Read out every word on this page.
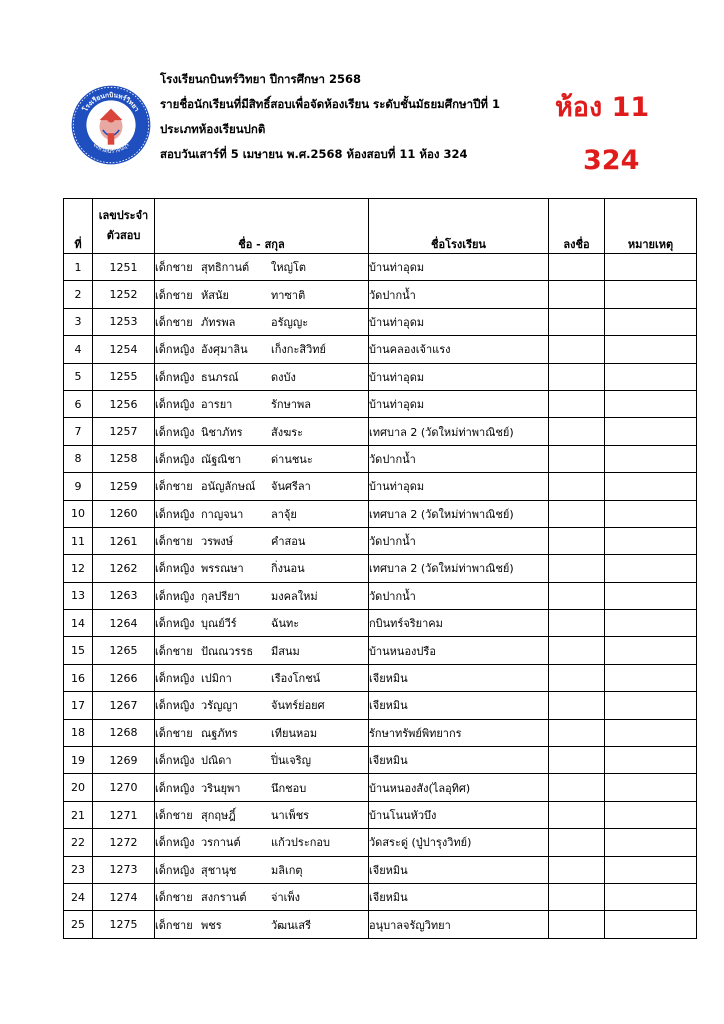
โรงเรียนกบินทร์วิทยา
จังหวัดปราจีนบุรี
โรงเรียนกบินทร์วิทยา ปีการศึกษา 2568
รายชื่อนักเรียนที่มีสิทธิ์สอบเพื่อจัดห้องเรียน ระดับชั้นมัธยมศึกษาปีที่ 1
ประเภทห้องเรียนปกติ
สอบวันเสาร์ที่ 5 เมษายน พ.ศ.2568 ห้องสอบที่ 11 ห้อง 324
ห้อง 11
324
ที่	เลขประจำตัวสอบ	ชื่อ - สกุล	ชื่อโรงเรียน	ลงชื่อ	หมายเหตุ
1	1251	เด็กชาย สุทธิกานต์ ใหญ่โต	บ้านท่าอุดม		
2	1252	เด็กชาย หัสนัย ทาซาติ	วัดปากน้ำ		
3	1253	เด็กชาย ภัทรพล อรัญญะ	บ้านท่าอุดม		
4	1254	เด็กหญิง อังศุมาลิน เก็งกะสิวิทย์	บ้านคลองเจ้าแรง		
5	1255	เด็กหญิง ธนภรณ์ ดงบัง	บ้านท่าอุดม		
6	1256	เด็กหญิง อารยา รักษาพล	บ้านท่าอุดม		
7	1257	เด็กหญิง นิชาภัทร สังฆระ	เทศบาล 2 (วัดใหม่ท่าพาณิชย์)		
8	1258	เด็กหญิง ณัฐณิชา ด่านชนะ	วัดปากน้ำ		
9	1259	เด็กชาย อนัญลักษณ์ จันศรีลา	บ้านท่าอุดม		
10	1260	เด็กหญิง กาญจนา ลาจุ้ย	เทศบาล 2 (วัดใหม่ท่าพาณิชย์)		
11	1261	เด็กชาย วรพงษ์ คำสอน	วัดปากน้ำ		
12	1262	เด็กหญิง พรรณษา กิ่งนอน	เทศบาล 2 (วัดใหม่ท่าพาณิชย์)		
13	1263	เด็กหญิง กุลปรียา มงคลใหม่	วัดปากน้ำ		
14	1264	เด็กหญิง บุณย์วีร์ ฉันทะ	กบินทร์จริยาคม		
15	1265	เด็กชาย ปัณณวรรธ มีสนม	บ้านหนองปรือ		
16	1266	เด็กหญิง เปมิกา เรืองโกชน์	เจียหมิน		
17	1267	เด็กหญิง วรัญญา จันทร์ย่อยศ	เจียหมิน		
18	1268	เด็กชาย ณฐภัทร เทียนหอม	รักษาทรัพย์พิทยากร		
19	1269	เด็กหญิง ปณิดา ปิ่นเจริญ	เจียหมิน		
20	1270	เด็กหญิง วรินยุพา นึกชอบ	บ้านหนองสัง(ไลอุทิศ)		
21	1271	เด็กชาย สุกฤษฎิ์ นาเพ็ชร	บ้านโนนหัวบึง		
22	1272	เด็กหญิง วรกานต์ แก้วประกอบ	วัดสระดู่ (ปู่ปารุงวิทย์)		
23	1273	เด็กหญิง สุชานุช มลิเกตุ	เจียหมิน		
24	1274	เด็กชาย สงกรานต์ จ่าเพ็ง	เจียหมิน		
25	1275	เด็กชาย พชร วัฒนเสรี	อนุบาลจรัญวิทยา		
